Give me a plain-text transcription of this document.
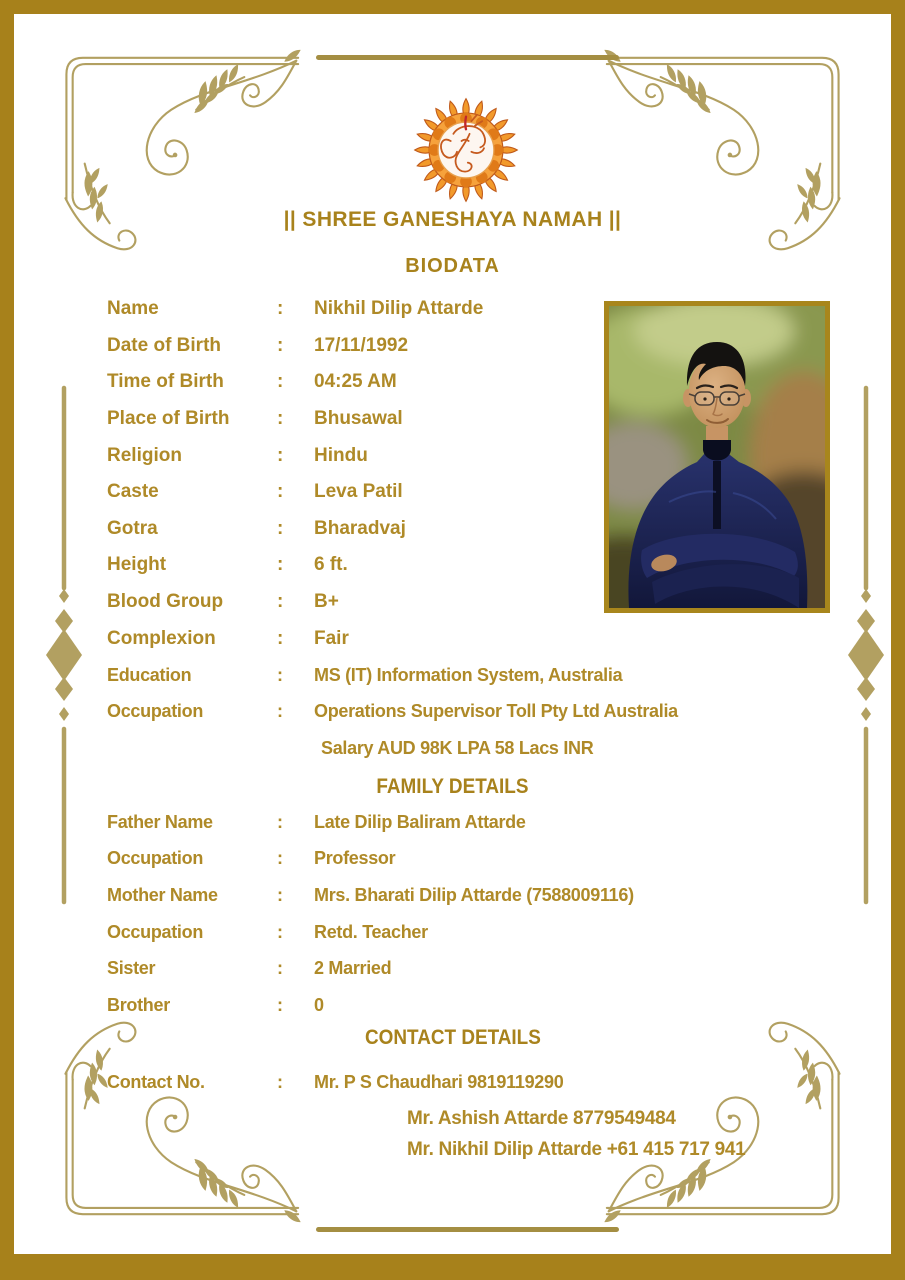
|| SHREE GANESHAYA NAMAH ||
BIODATA
Name	:	Nikhil Dilip Attarde
Date of Birth	:	17/11/1992
Time of Birth	:	04:25 AM
Place of Birth	:	Bhusawal
Religion	:	Hindu
Caste	:	Leva Patil
Gotra	:	Bharadvaj
Height	:	6 ft.
Blood Group	:	B+
Complexion	:	Fair
Education	:	MS (IT) Information System, Australia
Occupation	:	Operations Supervisor Toll Pty Ltd Australia
Salary AUD 98K LPA 58 Lacs INR
FAMILY DETAILS
Father Name	:	Late Dilip Baliram Attarde
Occupation	:	Professor
Mother Name	:	Mrs. Bharati Dilip Attarde (7588009116)
Occupation	:	Retd. Teacher
Sister	:	2 Married
Brother	:	0
CONTACT DETAILS
Contact No.	:	Mr. P S Chaudhari 9819119290
Mr. Ashish Attarde 8779549484
Mr. Nikhil Dilip Attarde +61 415 717 941
